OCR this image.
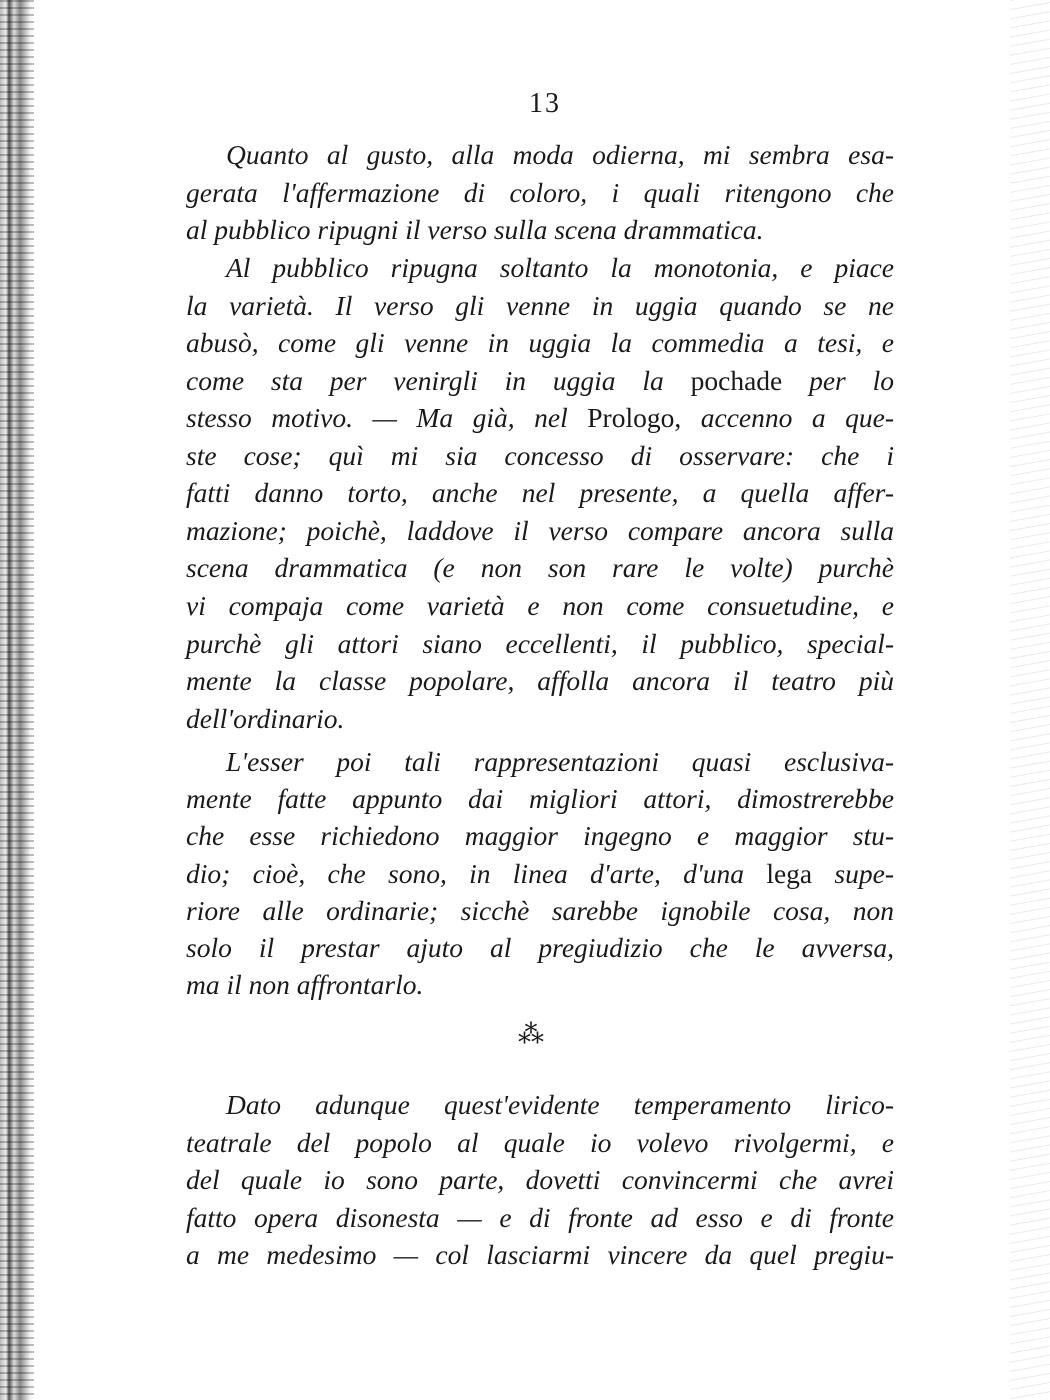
13
Quanto al gusto, alla moda odierna, mi sembra esa-
gerata l'affermazione di coloro, i quali ritengono che
al pubblico ripugni il verso sulla scena drammatica.
Al pubblico ripugna soltanto la monotonia, e piace
la varietà. Il verso gli venne in uggia quando se ne
abusò, come gli venne in uggia la commedia a tesi, e
come sta per venirgli in uggia la pochade per lo
stesso motivo. — Ma già, nel Prologo, accenno a que-
ste cose; quì mi sia concesso di osservare: che i
fatti danno torto, anche nel presente, a quella affer-
mazione; poichè, laddove il verso compare ancora sulla
scena drammatica (e non son rare le volte) purchè
vi compaja come varietà e non come consuetudine, e
purchè gli attori siano eccellenti, il pubblico, special-
mente la classe popolare, affolla ancora il teatro più
dell'ordinario.
L'esser poi tali rappresentazioni quasi esclusiva-
mente fatte appunto dai migliori attori, dimostrerebbe
che esse richiedono maggior ingegno e maggior stu-
dio; cioè, che sono, in linea d'arte, d'una lega supe-
riore alle ordinarie; sicchè sarebbe ignobile cosa, non
solo il prestar ajuto al pregiudizio che le avversa,
ma il non affrontarlo.
Dato adunque quest'evidente temperamento lirico-
teatrale del popolo al quale io volevo rivolgermi, e
del quale io sono parte, dovetti convincermi che avrei
fatto opera disonesta — e di fronte ad esso e di fronte
a me medesimo — col lasciarmi vincere da quel pregiu-
⁂
